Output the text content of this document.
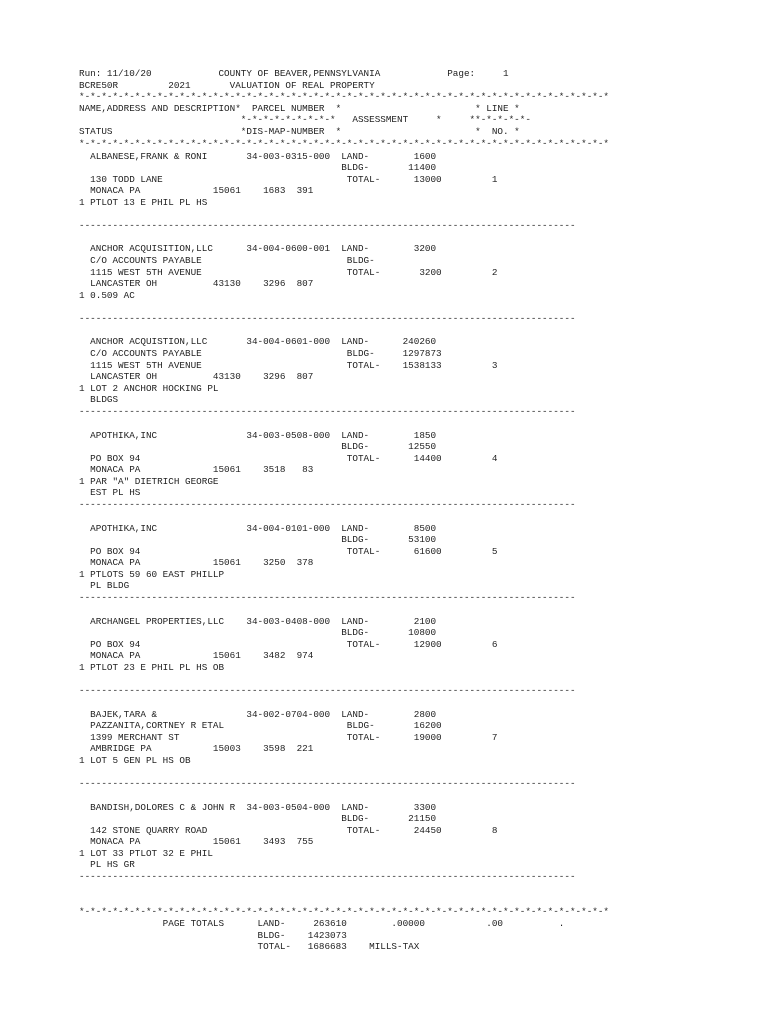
Run: 11/10/20            COUNTY OF BEAVER,PENNSYLVANIA            Page:     1
BCRE50R         2021       VALUATION OF REAL PROPERTY
*-*-*-*-*-*-*-*-*-*-*-*-*-*-*-*-*-*-*-*-*-*-*-*-*-*-*-*-*-*-*-*-*-*-*-*-*-*-*-*-*-*-*-*-*-*-*-*
NAME,ADDRESS AND DESCRIPTION*  PARCEL NUMBER  *                        * LINE *
*-*-*-*-*-*-*-*-*   ASSESSMENT     *     **-*-*-*-*-
STATUS                       *DIS-MAP-NUMBER  *                        *  NO. *
*-*-*-*-*-*-*-*-*-*-*-*-*-*-*-*-*-*-*-*-*-*-*-*-*-*-*-*-*-*-*-*-*-*-*-*-*-*-*-*-*-*-*-*-*-*-*-*
ALBANESE,FRANK & RONI       34-003-0315-000  LAND-        1600
BLDG-       11400
130 TODD LANE                                 TOTAL-      13000         1
MONACA PA             15061    1683  391
1 PTLOT 13 E PHIL PL HS
-----------------------------------------------------------------------------------------
ANCHOR ACQUISITION,LLC      34-004-0600-001  LAND-        3200
C/O ACCOUNTS PAYABLE                          BLDG-
1115 WEST 5TH AVENUE                          TOTAL-       3200         2
LANCASTER OH          43130    3296  807
1 0.509 AC
-----------------------------------------------------------------------------------------
ANCHOR ACQUISTION,LLC       34-004-0601-000  LAND-      240260
C/O ACCOUNTS PAYABLE                          BLDG-     1297873
1115 WEST 5TH AVENUE                          TOTAL-    1538133         3
LANCASTER OH          43130    3296  807
1 LOT 2 ANCHOR HOCKING PL
BLDGS
-----------------------------------------------------------------------------------------
APOTHIKA,INC                34-003-0508-000  LAND-        1850
BLDG-       12550
PO BOX 94                                     TOTAL-      14400         4
MONACA PA             15061    3518   83
1 PAR "A" DIETRICH GEORGE
EST PL HS
-----------------------------------------------------------------------------------------
APOTHIKA,INC                34-004-0101-000  LAND-        8500
BLDG-       53100
PO BOX 94                                     TOTAL-      61600         5
MONACA PA             15061    3250  378
1 PTLOTS 59 60 EAST PHILLP
PL BLDG
-----------------------------------------------------------------------------------------
ARCHANGEL PROPERTIES,LLC    34-003-0408-000  LAND-        2100
BLDG-       10800
PO BOX 94                                     TOTAL-      12900         6
MONACA PA             15061    3482  974
1 PTLOT 23 E PHIL PL HS OB
-----------------------------------------------------------------------------------------
BAJEK,TARA &                34-002-0704-000  LAND-        2800
PAZZANITA,CORTNEY R ETAL                      BLDG-       16200
1399 MERCHANT ST                              TOTAL-      19000         7
AMBRIDGE PA           15003    3598  221
1 LOT 5 GEN PL HS OB
-----------------------------------------------------------------------------------------
BANDISH,DOLORES C & JOHN R  34-003-0504-000  LAND-        3300
BLDG-       21150
142 STONE QUARRY ROAD                         TOTAL-      24450         8
MONACA PA             15061    3493  755
1 LOT 33 PTLOT 32 E PHIL
PL HS GR
-----------------------------------------------------------------------------------------
*-*-*-*-*-*-*-*-*-*-*-*-*-*-*-*-*-*-*-*-*-*-*-*-*-*-*-*-*-*-*-*-*-*-*-*-*-*-*-*-*-*-*-*-*-*-*-*
PAGE TOTALS      LAND-     263610        .00000           .00          .
BLDG-    1423073
TOTAL-   1686683    MILLS-TAX
